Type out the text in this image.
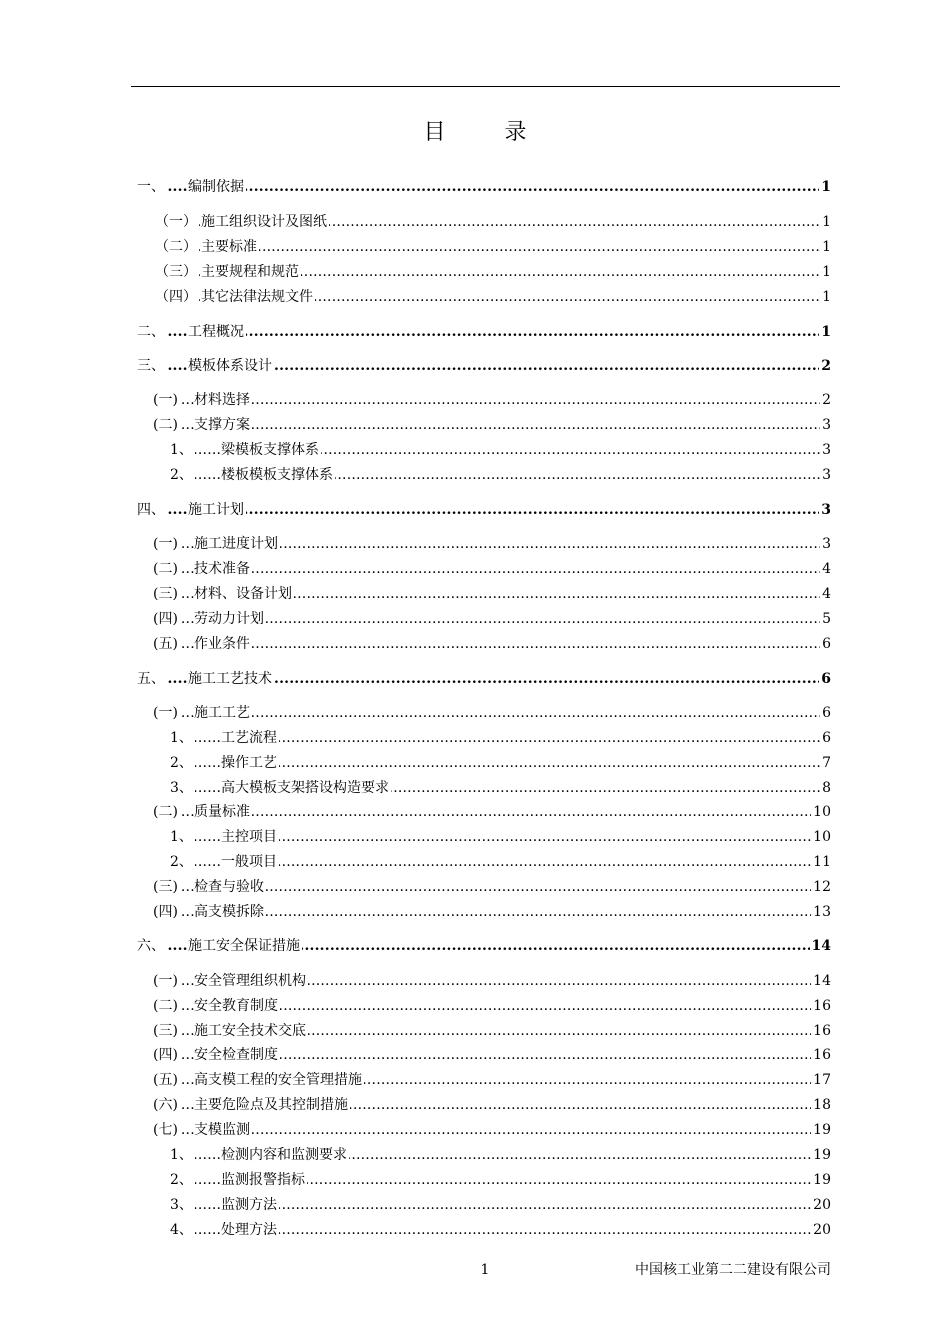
目 录
.....
一、 编制依据	1
.....
（一） 施工组织设计及图纸	1
.....
（二） 主要标准	1
.....
（三） 主要规程和规范	1
.....
（四） 其它法律法规文件	1
.....
二、 工程概况	1
.....
三、 模板体系设计	2
.....
(一) 材料选择	2
.....
(二) 支撑方案	3
.....
1、 梁模板支撑体系	3
.....
2、 楼板模板支撑体系	3
.....
四、 施工计划	3
.....
(一) 施工进度计划	3
.....
(二) 技术准备	4
.....
(三) 材料、设备计划	4
.....
(四) 劳动力计划	5
.....
(五) 作业条件	6
.....
五、 施工工艺技术	6
.....
(一) 施工工艺	6
.....
1、 工艺流程	6
.....
2、 操作工艺	7
.....
3、 高大模板支架搭设构造要求	8
.....
(二) 质量标准	10
.....
1、 主控项目	10
.....
2、 一般项目	11
.....
(三) 检查与验收	12
.....
(四) 高支模拆除	13
.....
六、 施工安全保证措施	14
.....
(一) 安全管理组织机构	14
.....
(二) 安全教育制度	16
.....
(三) 施工安全技术交底	16
.....
(四) 安全检查制度	16
.....
(五) 高支模工程的安全管理措施	17
.....
(六) 主要危险点及其控制措施	18
.....
(七) 支模监测	19
.....
1、 检测内容和监测要求	19
.....
2、 监测报警指标	19
.....
3、 监测方法	20
.....
4、 处理方法	20
1	中国核工业第二二建设有限公司
